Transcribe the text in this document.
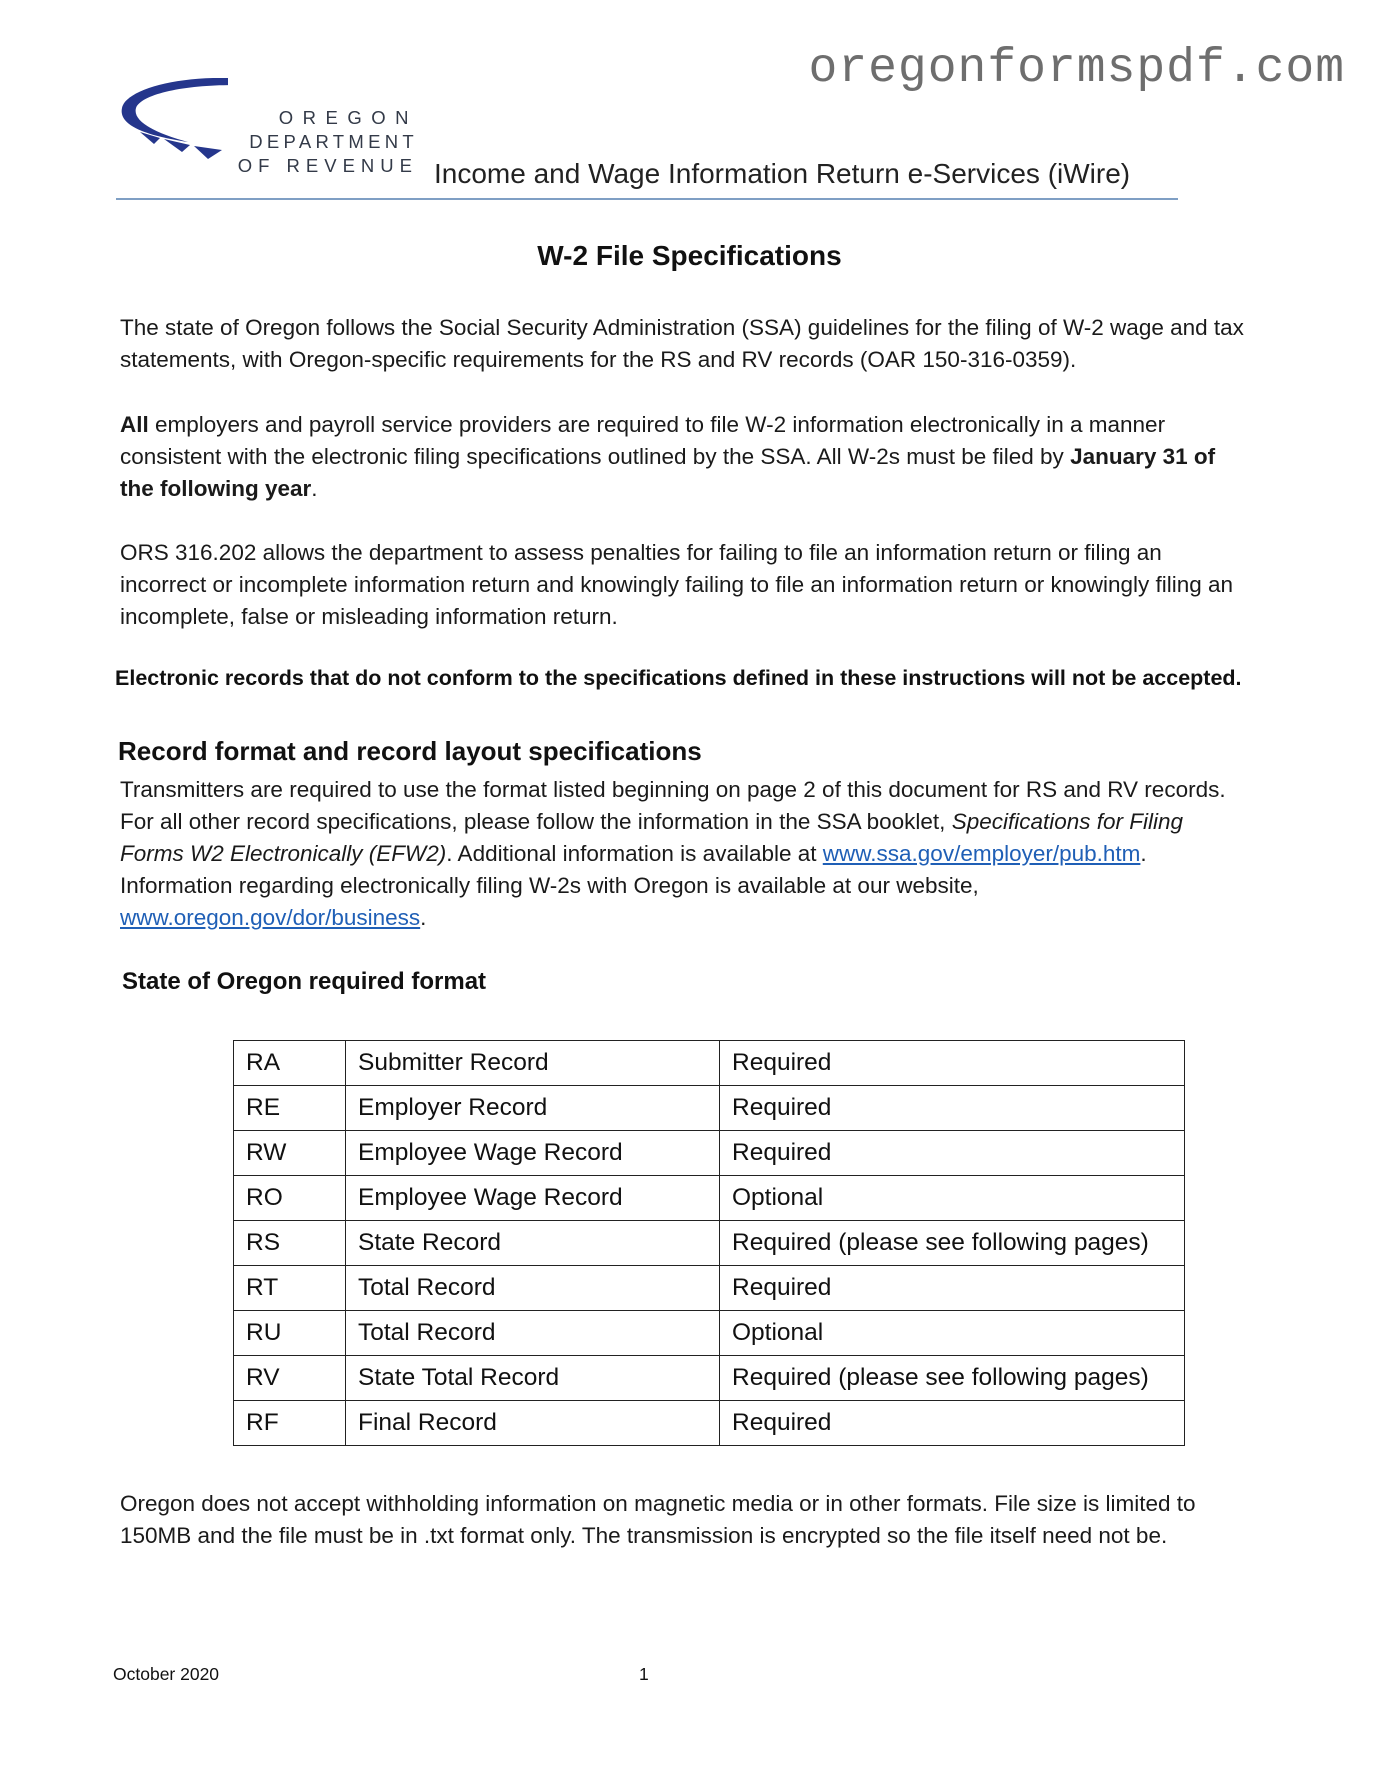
oregonformspdf.com
OREGON
DEPARTMENT
OF REVENUE Income and Wage Information Return e-Services (iWire)
W-2 File Specifications

The state of Oregon follows the Social Security Administration (SSA) guidelines for the filing of W-2 wage and tax statements, with Oregon-specific requirements for the RS and RV records (OAR 150-316-0359).

All employers and payroll service providers are required to file W-2 information electronically in a manner consistent with the electronic filing specifications outlined by the SSA. All W-2s must be filed by January 31 of the following year.

ORS 316.202 allows the department to assess penalties for failing to file an information return or filing an incorrect or incomplete information return and knowingly failing to file an information return or knowingly filing an incomplete, false or misleading information return.

Electronic records that do not conform to the specifications defined in these instructions will not be accepted.
Record format and record layout specifications

Transmitters are required to use the format listed beginning on page 2 of this document for RS and RV records. For all other record specifications, please follow the information in the SSA booklet, Specifications for Filing Forms W2 Electronically (EFW2). Additional information is available at www.ssa.gov/employer/pub.htm. Information regarding electronically filing W-2s with Oregon is available at our website, www.oregon.gov/dor/business.

State of Oregon required format
RA	Submitter Record	Required
RE	Employer Record	Required
RW	Employee Wage Record	Required
RO	Employee Wage Record	Optional
RS	State Record	Required (please see following pages)
RT	Total Record	Required
RU	Total Record	Optional
RV	State Total Record	Required (please see following pages)
RF	Final Record	Required

Oregon does not accept withholding information on magnetic media or in other formats. File size is limited to 150MB and the file must be in .txt format only. The transmission is encrypted so the file itself need not be.

October 2020	1
